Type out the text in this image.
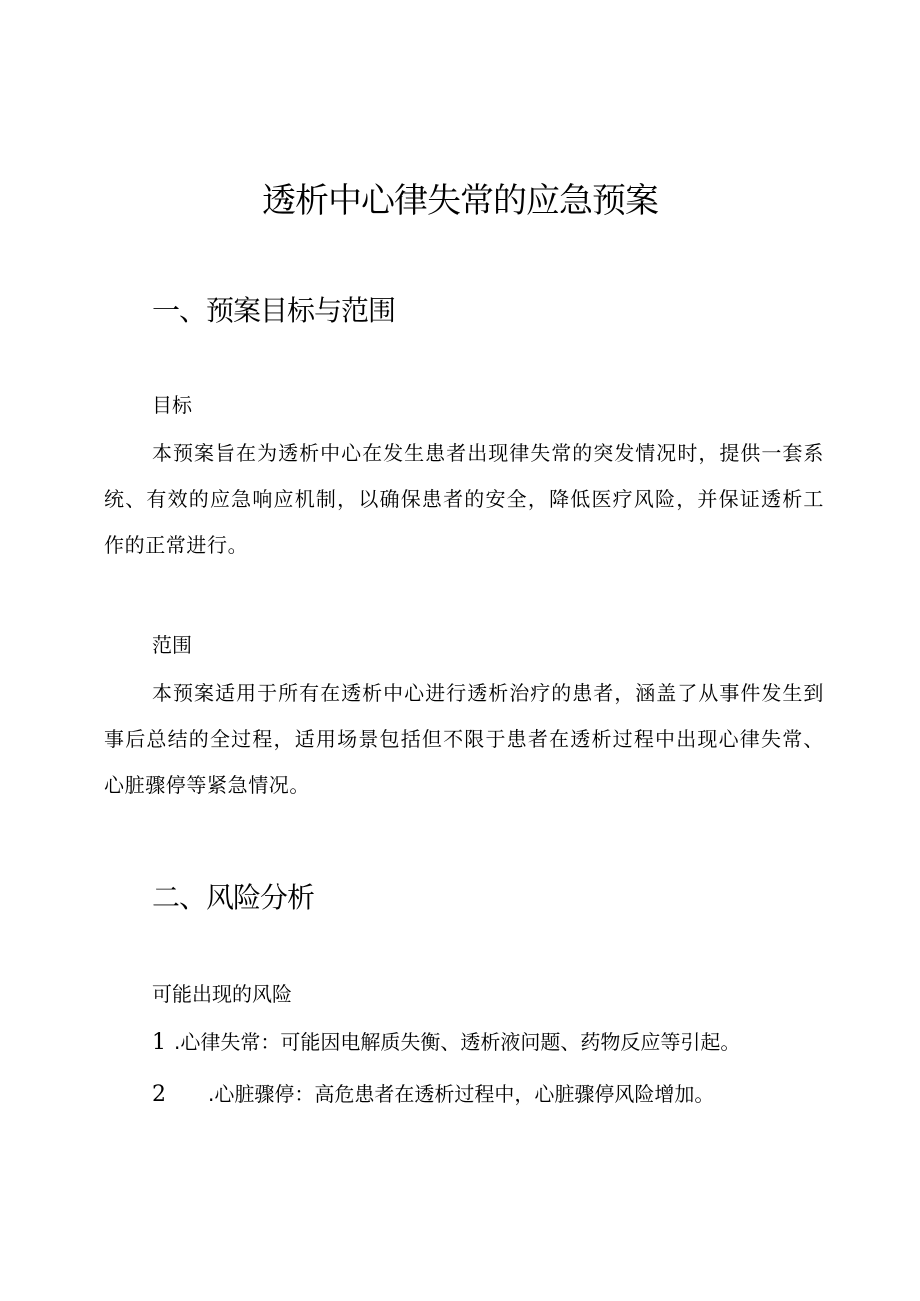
透析中心律失常的应急预案
一、预案目标与范围

目标

本预案旨在为透析中心在发生患者出现律失常的突发情况时，提供一套系统、有效的应急响应机制，以确保患者的安全，降低医疗风险，并保证透析工作的正常进行。

范围

本预案适用于所有在透析中心进行透析治疗的患者，涵盖了从事件发生到事后总结的全过程，适用场景包括但不限于患者在透析过程中出现心律失常、心脏骤停等紧急情况。

二、风险分析

可能出现的风险

1 .心律失常：可能因电解质失衡、透析液问题、药物反应等引起。

2 .心脏骤停：高危患者在透析过程中，心脏骤停风险增加。
